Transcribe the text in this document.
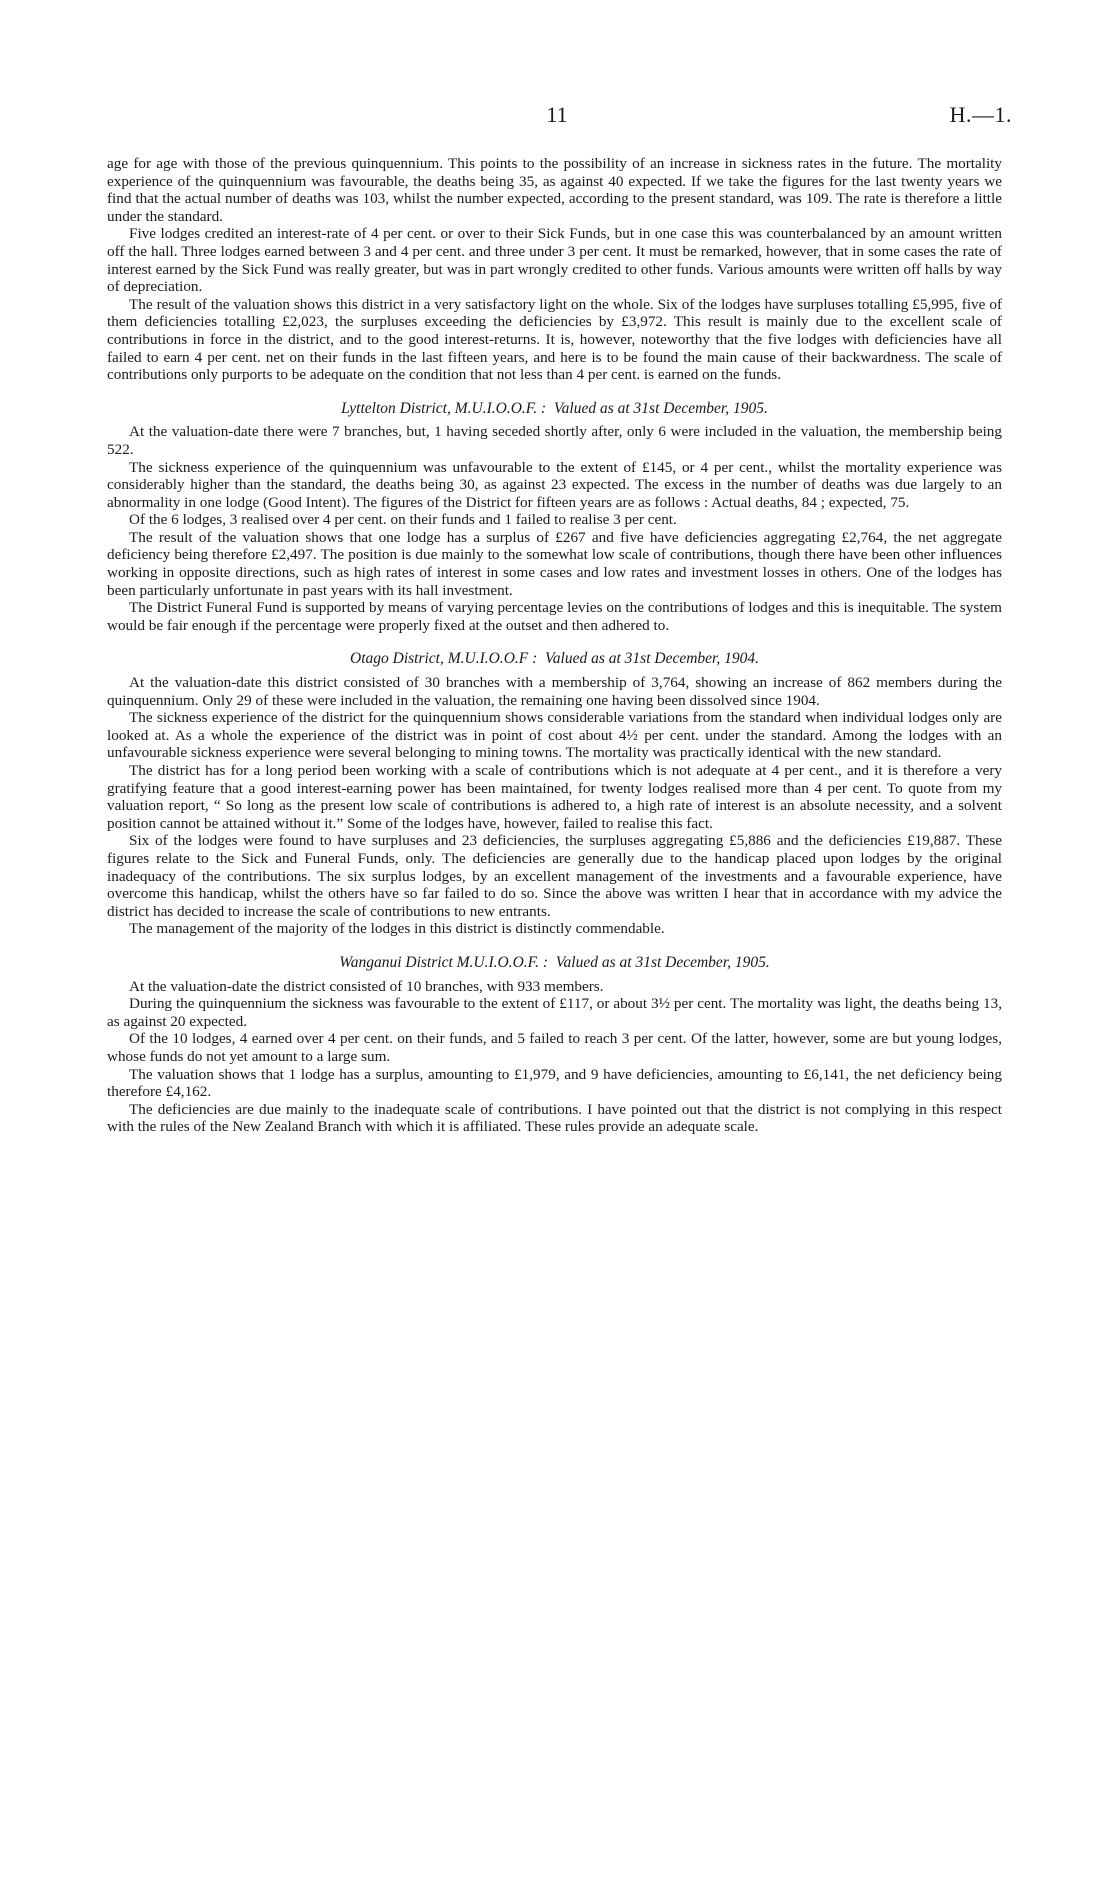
11	H.—1.

age for age with those of the previous quinquennium. This points to the possibility of an increase in sickness rates in the future. The mortality experience of the quinquennium was favourable, the deaths being 35, as against 40 expected. If we take the figures for the last twenty years we find that the actual number of deaths was 103, whilst the number expected, according to the present standard, was 109. The rate is therefore a little under the standard.

Five lodges credited an interest-rate of 4 per cent. or over to their Sick Funds, but in one case this was counterbalanced by an amount written off the hall. Three lodges earned between 3 and 4 per cent. and three under 3 per cent. It must be remarked, however, that in some cases the rate of interest earned by the Sick Fund was really greater, but was in part wrongly credited to other funds. Various amounts were written off halls by way of depreciation.

The result of the valuation shows this district in a very satisfactory light on the whole. Six of the lodges have surpluses totalling £5,995, five of them deficiencies totalling £2,023, the surpluses exceeding the deficiencies by £3,972. This result is mainly due to the excellent scale of contributions in force in the district, and to the good interest-returns. It is, however, noteworthy that the five lodges with deficiencies have all failed to earn 4 per cent. net on their funds in the last fifteen years, and here is to be found the main cause of their backwardness. The scale of contributions only purports to be adequate on the condition that not less than 4 per cent. is earned on the funds.

Lyttelton District, M.U.I.O.O.F. : Valued as at 31st December, 1905.

At the valuation-date there were 7 branches, but, 1 having seceded shortly after, only 6 were included in the valuation, the membership being 522.

The sickness experience of the quinquennium was unfavourable to the extent of £145, or 4 per cent., whilst the mortality experience was considerably higher than the standard, the deaths being 30, as against 23 expected. The excess in the number of deaths was due largely to an abnormality in one lodge (Good Intent). The figures of the District for fifteen years are as follows : Actual deaths, 84 ; expected, 75.

Of the 6 lodges, 3 realised over 4 per cent. on their funds and 1 failed to realise 3 per cent.

The result of the valuation shows that one lodge has a surplus of £267 and five have deficiencies aggregating £2,764, the net aggregate deficiency being therefore £2,497. The position is due mainly to the somewhat low scale of contributions, though there have been other influences working in opposite directions, such as high rates of interest in some cases and low rates and investment losses in others. One of the lodges has been particularly unfortunate in past years with its hall investment.

The District Funeral Fund is supported by means of varying percentage levies on the contributions of lodges and this is inequitable. The system would be fair enough if the percentage were properly fixed at the outset and then adhered to.

Otago District, M.U.I.O.O.F : Valued as at 31st December, 1904.

At the valuation-date this district consisted of 30 branches with a membership of 3,764, showing an increase of 862 members during the quinquennium. Only 29 of these were included in the valuation, the remaining one having been dissolved since 1904.

The sickness experience of the district for the quinquennium shows considerable variations from the standard when individual lodges only are looked at. As a whole the experience of the district was in point of cost about 4½ per cent. under the standard. Among the lodges with an unfavourable sickness experience were several belonging to mining towns. The mortality was practically identical with the new standard.

The district has for a long period been working with a scale of contributions which is not adequate at 4 per cent., and it is therefore a very gratifying feature that a good interest-earning power has been maintained, for twenty lodges realised more than 4 per cent. To quote from my valuation report, “ So long as the present low scale of contributions is adhered to, a high rate of interest is an absolute necessity, and a solvent position cannot be attained without it.” Some of the lodges have, however, failed to realise this fact.

Six of the lodges were found to have surpluses and 23 deficiencies, the surpluses aggregating £5,886 and the deficiencies £19,887. These figures relate to the Sick and Funeral Funds, only. The deficiencies are generally due to the handicap placed upon lodges by the original inadequacy of the contributions. The six surplus lodges, by an excellent management of the investments and a favourable experience, have overcome this handicap, whilst the others have so far failed to do so. Since the above was written I hear that in accordance with my advice the district has decided to increase the scale of contributions to new entrants.

The management of the majority of the lodges in this district is distinctly commendable.

Wanganui District M.U.I.O.O.F. : Valued as at 31st December, 1905.

At the valuation-date the district consisted of 10 branches, with 933 members.

During the quinquennium the sickness was favourable to the extent of £117, or about 3½ per cent. The mortality was light, the deaths being 13, as against 20 expected.

Of the 10 lodges, 4 earned over 4 per cent. on their funds, and 5 failed to reach 3 per cent. Of the latter, however, some are but young lodges, whose funds do not yet amount to a large sum.

The valuation shows that 1 lodge has a surplus, amounting to £1,979, and 9 have deficiencies, amounting to £6,141, the net deficiency being therefore £4,162.

The deficiencies are due mainly to the inadequate scale of contributions. I have pointed out that the district is not complying in this respect with the rules of the New Zealand Branch with which it is affiliated. These rules provide an adequate scale.
